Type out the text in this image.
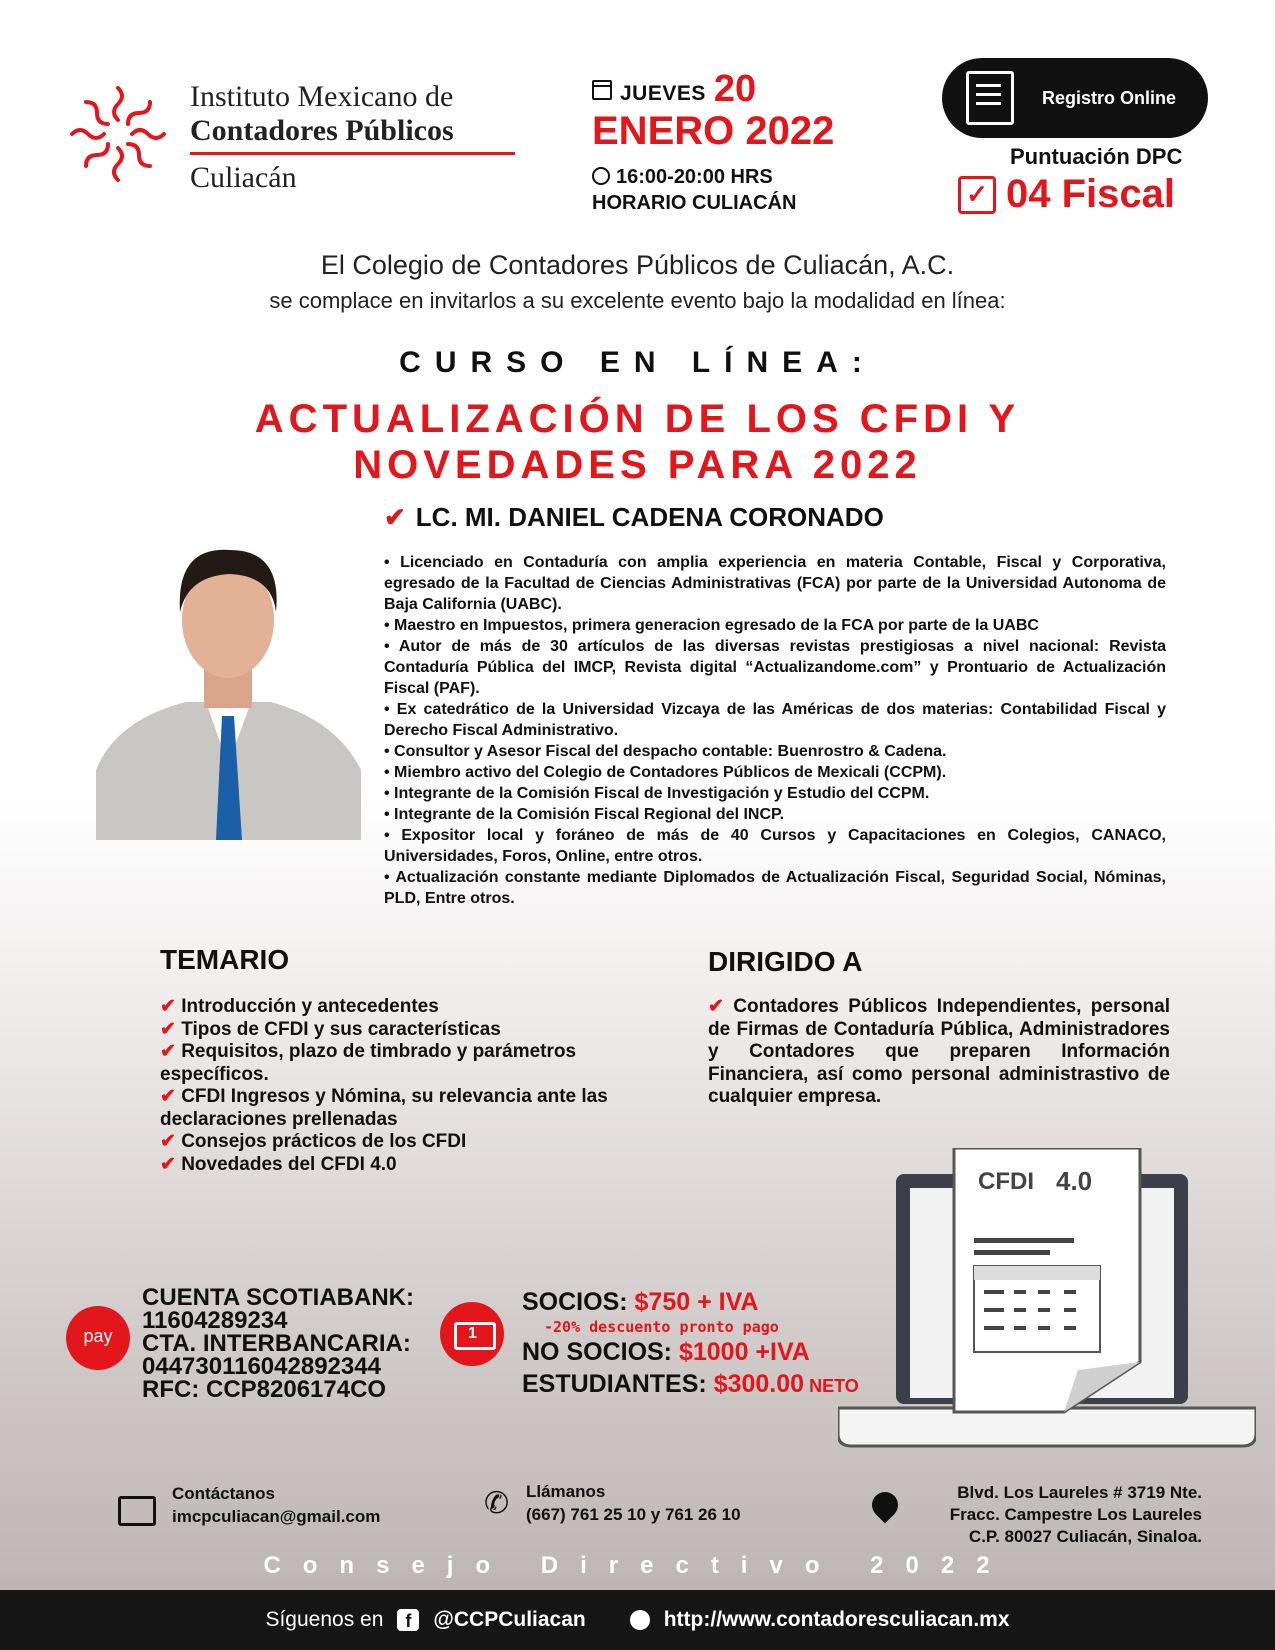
Instituto Mexicano de
Contadores Públicos
Culiacán
JUEVES 20
ENERO 2022
16:00-20:00 HRS
HORARIO CULIACÁN
Registro Online
Puntuación DPC
✓ 04 Fiscal
El Colegio de Contadores Públicos de Culiacán, A.C.
se complace en invitarlos a su excelente evento bajo la modalidad en línea:
CURSO EN LÍNEA:
ACTUALIZACIÓN DE LOS CFDI Y
NOVEDADES PARA 2022
✔ LC. MI. DANIEL CADENA CORONADO
• Licenciado en Contaduría con amplia experiencia en materia Contable, Fiscal y Corporativa, egresado de la Facultad de Ciencias Administrativas (FCA) por parte de la Universidad Autonoma de Baja California (UABC).
• Maestro en Impuestos, primera generacion egresado de la FCA por parte de la UABC
• Autor de más de 30 artículos de las diversas revistas prestigiosas a nivel nacional: Revista Contaduría Pública del IMCP, Revista digital “Actualizandome.com” y Prontuario de Actualización Fiscal (PAF).
• Ex catedrático de la Universidad Vizcaya de las Américas de dos materias: Contabilidad Fiscal y Derecho Fiscal Administrativo.
• Consultor y Asesor Fiscal del despacho contable: Buenrostro & Cadena.
• Miembro activo del Colegio de Contadores Públicos de Mexicali (CCPM).
• Integrante de la Comisión Fiscal de Investigación y Estudio del CCPM.
• Integrante de la Comisión Fiscal Regional del INCP.
• Expositor local y foráneo de más de 40 Cursos y Capacitaciones en Colegios, CANACO, Universidades, Foros, Online, entre otros.
• Actualización constante mediante Diplomados de Actualización Fiscal, Seguridad Social, Nóminas, PLD, Entre otros.
TEMARIO
✔ Introducción y antecedentes
✔ Tipos de CFDI y sus características
✔ Requisitos, plazo de timbrado y parámetros específicos.
✔ CFDI Ingresos y Nómina, su relevancia ante las declaraciones prellenadas
✔ Consejos prácticos de los CFDI
✔ Novedades del CFDI 4.0
DIRIGIDO A
✔ Contadores Públicos Independientes, personal de Firmas de Contaduría Pública, Administradores y Contadores que preparen Información Financiera, así como personal administrastivo de cualquier empresa.
pay
CUENTA SCOTIABANK:
11604289234
CTA. INTERBANCARIA:
044730116042892344
RFC: CCP8206174CO
1
SOCIOS: $750 + IVA
-20% descuento pronto pago
NO SOCIOS: $1000 +IVA
ESTUDIANTES: $300.00 NETO
CFDI 4.0
Contáctanos
imcpculiacan@gmail.com	✆ Llámanos
(667) 761 25 10 y 761 26 10
Blvd. Los Laureles # 3719 Nte.
Fracc. Campestre Los Laureles
C.P. 80027 Culiacán, Sinaloa.
Consejo Directivo 2022
Síguenos en	f	@CCPCuliacan	http://www.contadoresculiacan.mx
